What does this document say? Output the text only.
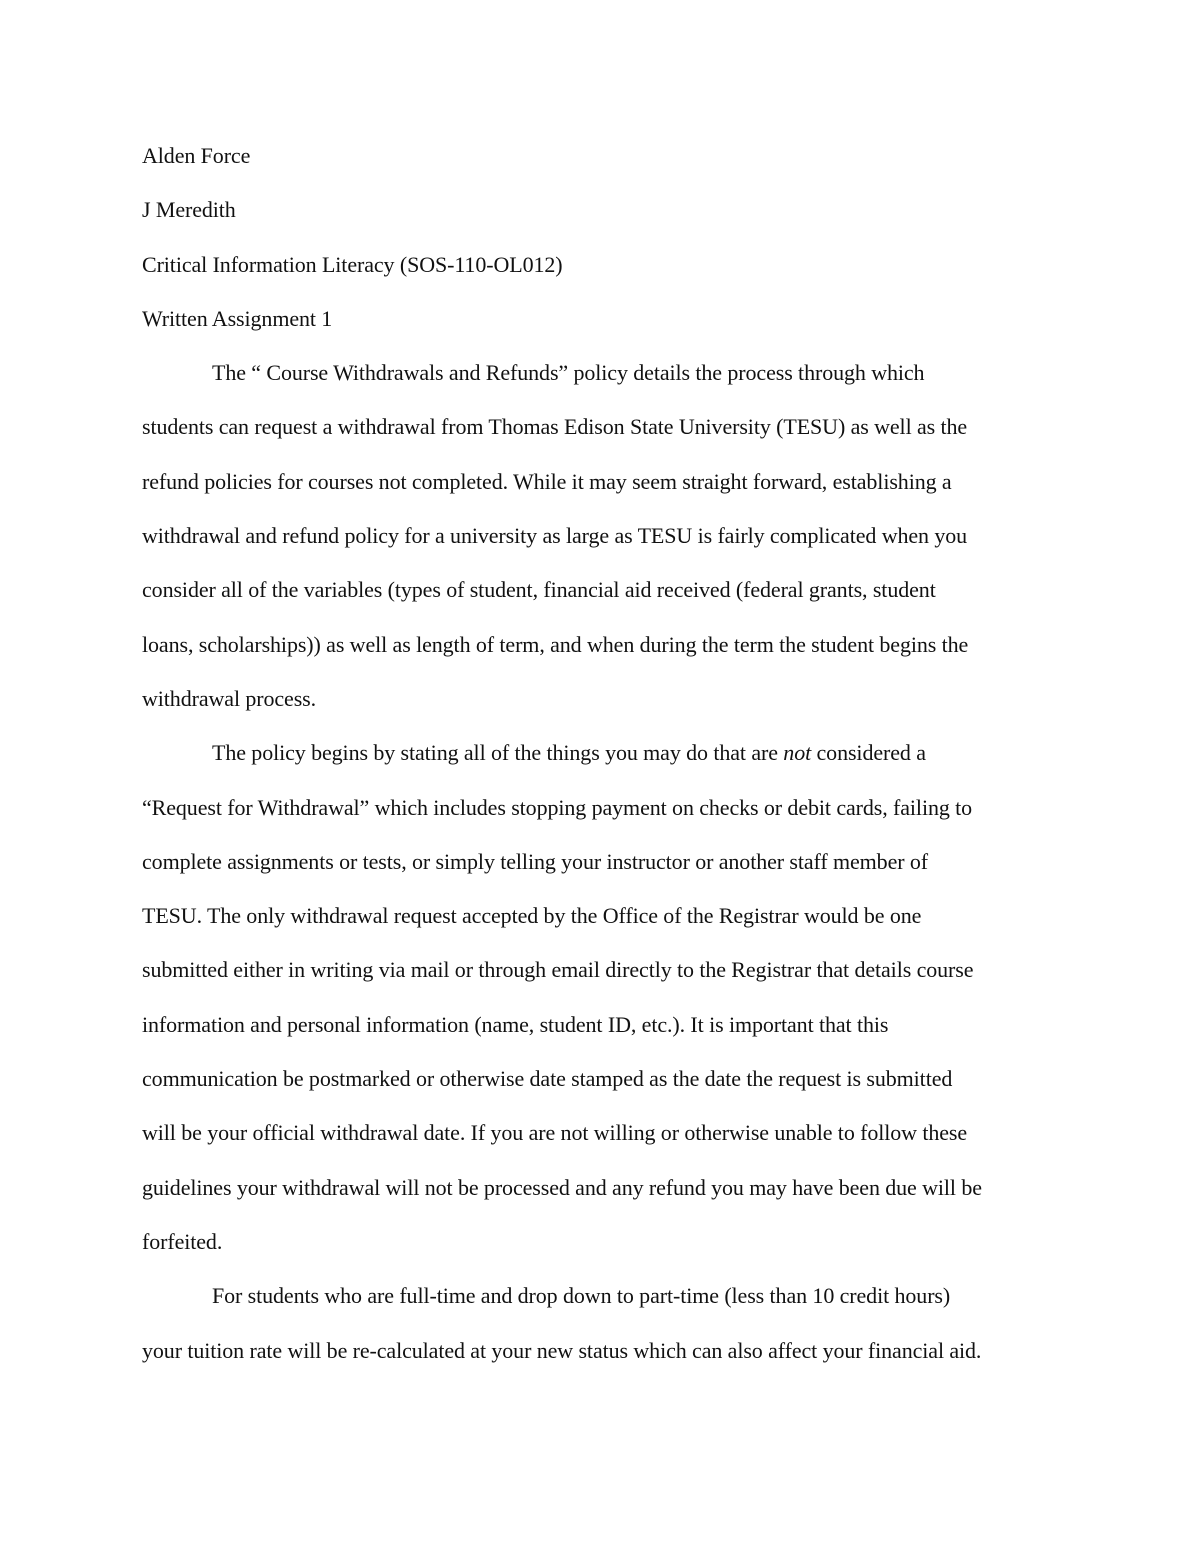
Alden Force

J Meredith

Critical Information Literacy (SOS-110-OL012)

Written Assignment 1

The “ Course Withdrawals and Refunds” policy details the process through which
students can request a withdrawal from Thomas Edison State University (TESU) as well as the
refund policies for courses not completed. While it may seem straight forward, establishing a
withdrawal and refund policy for a university as large as TESU is fairly complicated when you
consider all of the variables (types of student, financial aid received (federal grants, student
loans, scholarships)) as well as length of term, and when during the term the student begins the
withdrawal process.

The policy begins by stating all of the things you may do that are not considered a
“Request for Withdrawal” which includes stopping payment on checks or debit cards, failing to
complete assignments or tests, or simply telling your instructor or another staff member of
TESU. The only withdrawal request accepted by the Office of the Registrar would be one
submitted either in writing via mail or through email directly to the Registrar that details course
information and personal information (name, student ID, etc.). It is important that this
communication be postmarked or otherwise date stamped as the date the request is submitted
will be your official withdrawal date. If you are not willing or otherwise unable to follow these
guidelines your withdrawal will not be processed and any refund you may have been due will be
forfeited.

For students who are full-time and drop down to part-time (less than 10 credit hours)
your tuition rate will be re-calculated at your new status which can also affect your financial aid.
